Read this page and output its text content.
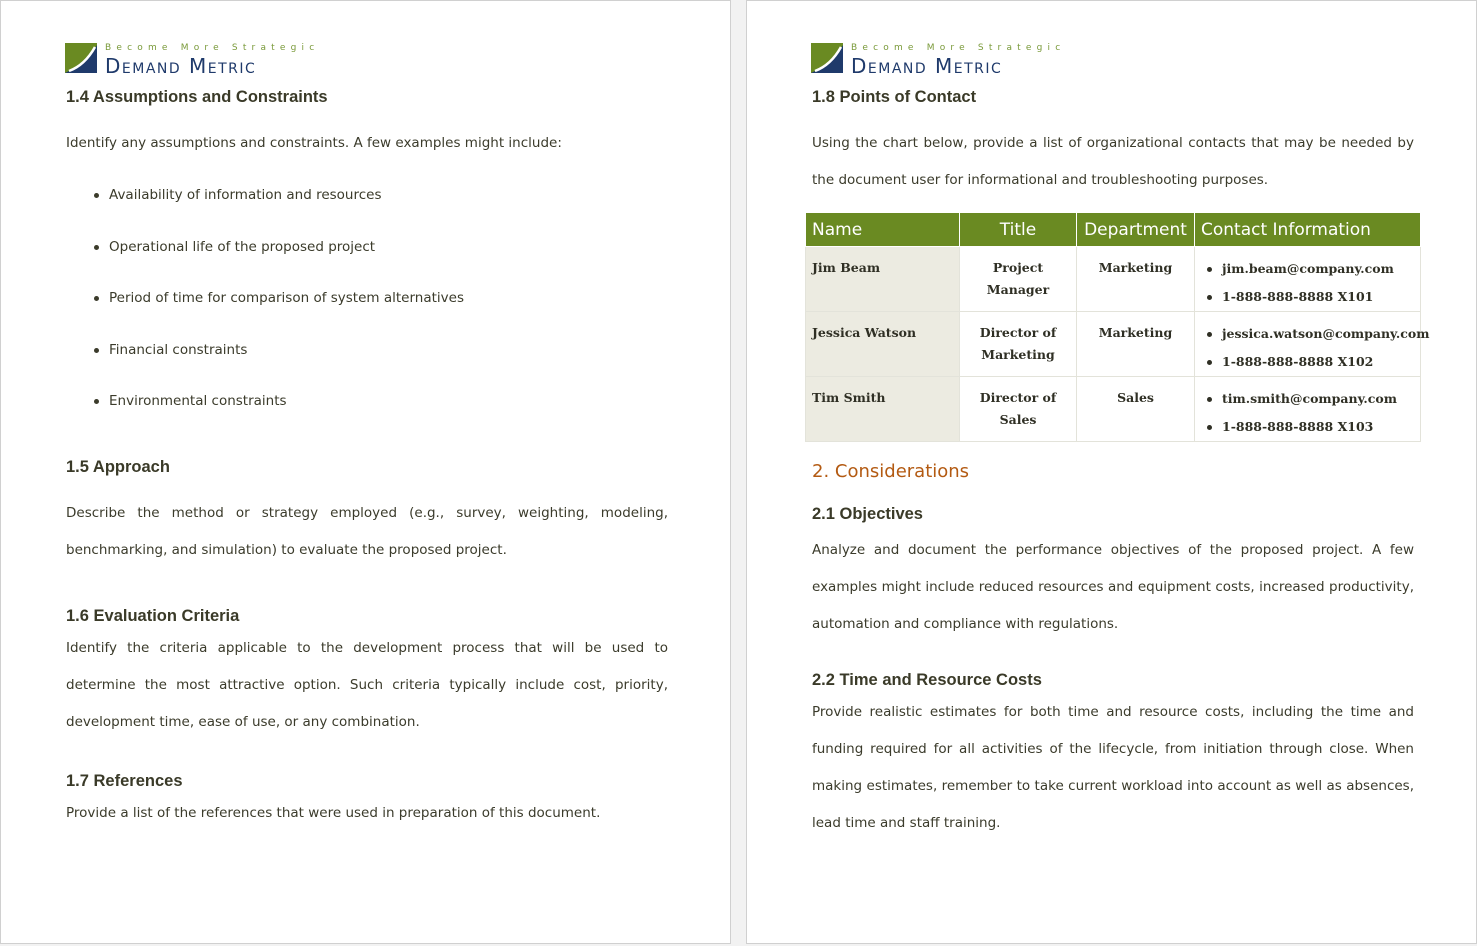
Become More Strategic
Demand Metric
1.4 Assumptions and Constraints

Identify any assumptions and constraints. A few examples might include:

Availability of information and resources
Operational life of the proposed project
Period of time for comparison of system alternatives
Financial constraints
Environmental constraints
1.5 Approach

Describe the method or strategy employed (e.g., survey, weighting, modeling, benchmarking, and simulation) to evaluate the proposed project.

1.6 Evaluation Criteria

Identify the criteria applicable to the development process that will be used to determine the most attractive option. Such criteria typically include cost, priority, development time, ease of use, or any combination.

1.7 References

Provide a list of the references that were used in preparation of this document.

Become More Strategic
Demand Metric
1.8 Points of Contact

Using the chart below, provide a list of organizational contacts that may be needed by the document user for informational and troubleshooting purposes.

Name	Title	Department	Contact Information
Jim Beam	Project Manager	Marketing	jim.beam@company.com
1-888-888-8888 X101

Jessica Watson	Director of Marketing	Marketing	jessica.watson@company.com
1-888-888-8888 X102

Tim Smith	Director of Sales	Sales	tim.smith@company.com
1-888-888-8888 X103
2. Considerations
2.1 Objectives

Analyze and document the performance objectives of the proposed project. A few examples might include reduced resources and equipment costs, increased productivity, automation and compliance with regulations.

2.2 Time and Resource Costs

Provide realistic estimates for both time and resource costs, including the time and funding required for all activities of the lifecycle, from initiation through close. When making estimates, remember to take current workload into account as well as absences, lead time and staff training.
